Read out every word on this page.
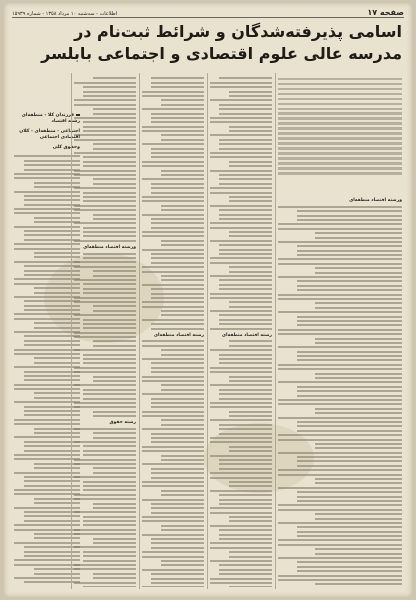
صفحه ۱۷
اطلاعات - سه‌شنبه ۱۰ مرداد ۱۳۵۸ - شماره ۱۵۹۳۹
اسامی پذیرفته‌شدگان و شرائط ثبت‌نام در
مدرسه عالی علوم اقتصادی و اجتماعی بابلسر
ورشته اقتصاد منطقه‌ای
رشته اقتصاد منطقه‌ای
رشته اقتصاد منطقه‌ای
ورشته اقتصاد منطقه‌ای
رشته حقوق

فرزندان کلا - منطقه‌ای رشته اقتصاد

اجتماعی - منطقه‌ای - کلان اقتصادی اجتماعی

وحقوق کلی
